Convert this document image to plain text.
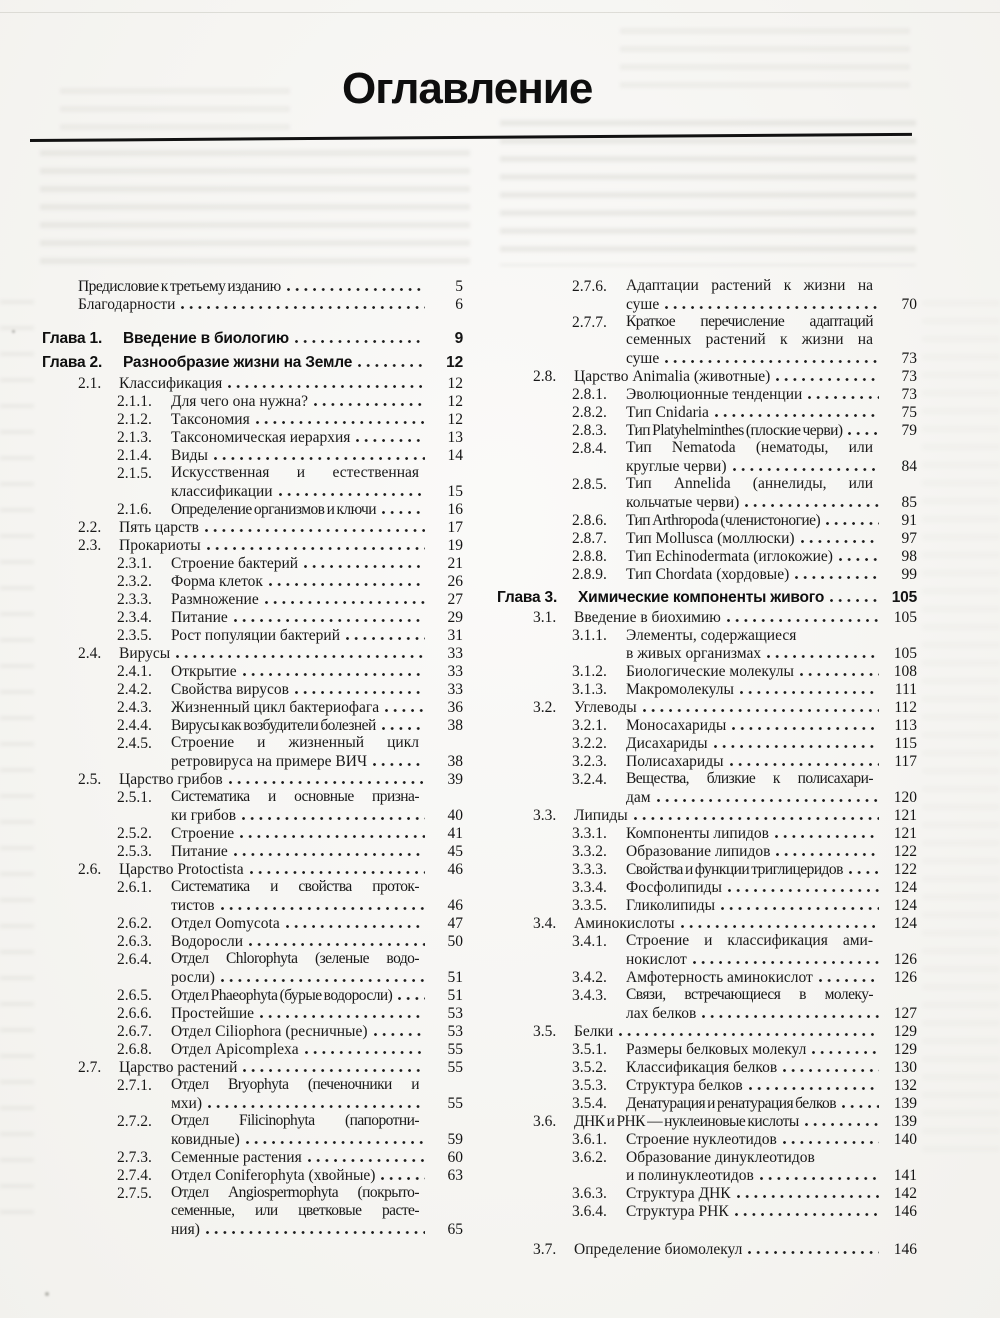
Оглавление
Предисловие к третьему изданию	5
Благодарности	6
Глава 1.	Введение в биологию	9
Глава 2.	Разнообразие жизни на Земле	12
2.1.	Классификация	12
2.1.1.	Для чего она нужна?	12
2.1.2.	Таксономия	12
2.1.3.	Таксономическая иерархия	13
2.1.4.	Виды	14
2.1.5.	Искусственная и естественная
классификации	15
2.1.6.	Определение организмов и ключи	16
2.2.	Пять царств	17
2.3.	Прокариоты	19
2.3.1.	Строение бактерий	21
2.3.2.	Форма клеток	26
2.3.3.	Размножение	27
2.3.4.	Питание	29
2.3.5.	Рост популяции бактерий	31
2.4.	Вирусы	33
2.4.1.	Открытие	33
2.4.2.	Свойства вирусов	33
2.4.3.	Жизненный цикл бактериофага	36
2.4.4.	Вирусы как возбудители болезней	38
2.4.5.	Строение и жизненный цикл
ретровируса на примере ВИЧ	38
2.5.	Царство грибов	39
2.5.1.	Систематика и основные призна-
ки грибов	40
2.5.2.	Строение	41
2.5.3.	Питание	45
2.6.	Царство Protoctista	46
2.6.1.	Систематика и свойства проток-
тистов	46
2.6.2.	Отдел Oomycota	47
2.6.3.	Водоросли	50
2.6.4.	Отдел Chlorophyta (зеленые водо-
росли)	51
2.6.5.	Отдел Phaeophyta (бурые водоросли)	51
2.6.6.	Простейшие	53
2.6.7.	Отдел Ciliophora (ресничные)	53
2.6.8.	Отдел Apicomplexa	55
2.7.	Царство растений	55
2.7.1.	Отдел Bryophyta (печеночники и
мхи)	55
2.7.2.	Отдел Filicinophyta (папоротни-
ковидные)	59
2.7.3.	Семенные растения	60
2.7.4.	Отдел Coniferophyta (хвойные)	63
2.7.5.	Отдел Angiospermophyta (покрыто-
семенные, или цветковые расте-
ния)	65
2.7.6.	Адаптации растений к жизни на
суше	70
2.7.7.	Краткое перечисление адаптаций
семенных растений к жизни на
суше	73
2.8.	Царство Animalia (животные)	73
2.8.1.	Эволюционные тенденции	73
2.8.2.	Тип Cnidaria	75
2.8.3.	Тип Platyhelminthes (плоские черви)	79
2.8.4.	Тип Nematoda (нематоды, или
круглые черви)	84
2.8.5.	Тип Annelida (аннелиды, или
кольчатые черви)	85
2.8.6.	Тип Arthropoda (членистоногие)	91
2.8.7.	Тип Mollusca (моллюски)	97
2.8.8.	Тип Echinodermata (иглокожие)	98
2.8.9.	Тип Chordata (хордовые)	99
Глава 3.	Химические компоненты живого	105
3.1.	Введение в биохимию	105
3.1.1.	Элементы, содержащиеся
в живых организмах	105
3.1.2.	Биологические молекулы	108
3.1.3.	Макромолекулы	111
3.2.	Углеводы	112
3.2.1.	Моносахариды	113
3.2.2.	Дисахариды	115
3.2.3.	Полисахариды	117
3.2.4.	Вещества, близкие к полисахари-
дам	120
3.3.	Липиды	121
3.3.1.	Компоненты липидов	121
3.3.2.	Образование липидов	122
3.3.3.	Свойства и функции триглицеридов	122
3.3.4.	Фосфолипиды	124
3.3.5.	Гликолипиды	124
3.4.	Аминокислоты	124
3.4.1.	Строение и классификация ами-
нокислот	126
3.4.2.	Амфотерность аминокислот	126
3.4.3.	Связи, встречающиеся в молеку-
лах белков	127
3.5.	Белки	129
3.5.1.	Размеры белковых молекул	129
3.5.2.	Классификация белков	130
3.5.3.	Структура белков	132
3.5.4.	Денатурация и ренатурация белков	139
3.6.	ДНК и РНК — нуклеиновые кислоты	139
3.6.1.	Строение нуклеотидов	140
3.6.2.	Образование динуклеотидов
и полинуклеотидов	141
3.6.3.	Структура ДНК	142
3.6.4.	Структура РНК	146
3.7.	Определение биомолекул	146
